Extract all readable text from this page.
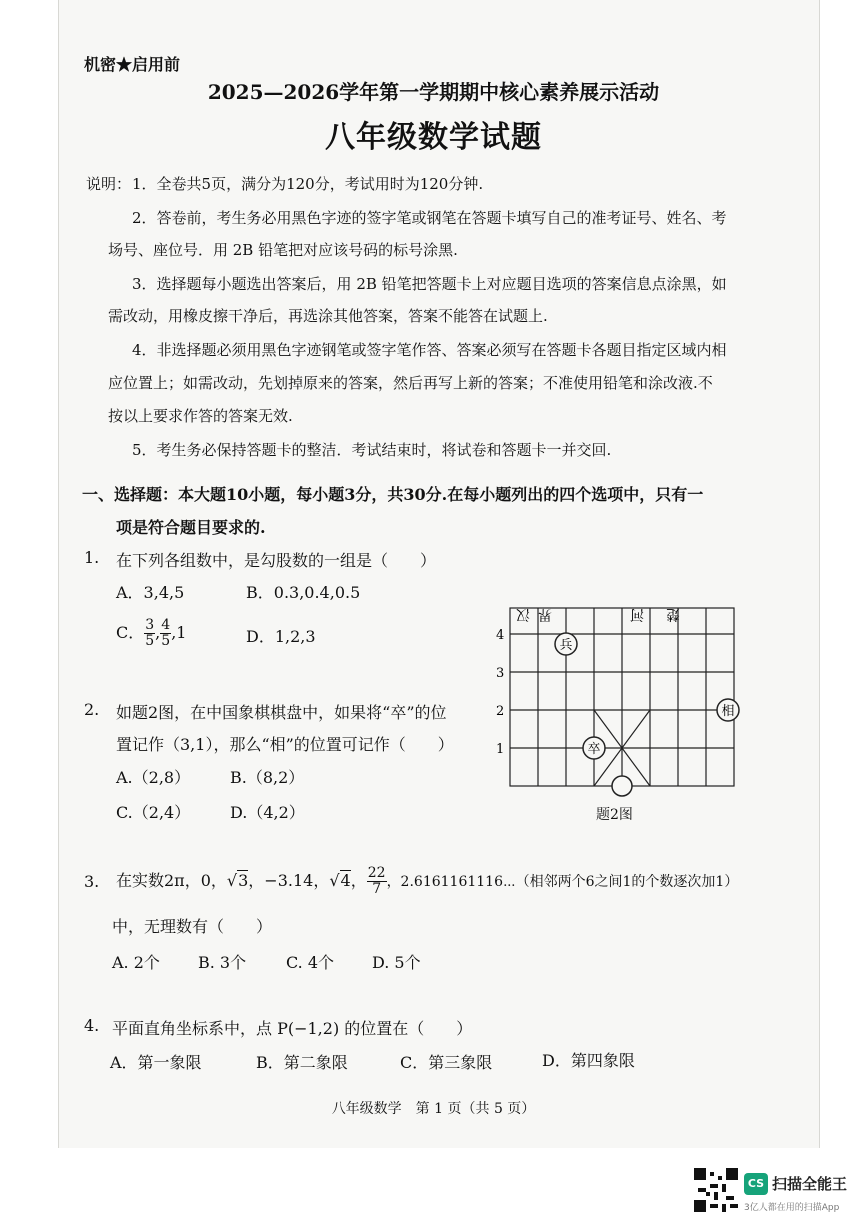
机密★启用前
2025—2026学年第一学期期中核心素养展示活动
八年级数学试题
说明： 1．全卷共5页，满分为120分，考试用时为120分钟.
2．答卷前，考生务必用黑色字迹的签字笔或钢笔在答题卡填写自己的准考证号、姓名、考
场号、座位号．用 2B 铅笔把对应该号码的标号涂黑.
3．选择题每小题选出答案后，用 2B 铅笔把答题卡上对应题目选项的答案信息点涂黑，如
需改动，用橡皮擦干净后，再选涂其他答案，答案不能答在试题上.
4．非选择题必须用黑色字迹钢笔或签字笔作答、答案必须写在答题卡各题目指定区域内相
应位置上；如需改动，先划掉原来的答案，然后再写上新的答案；不准使用铅笔和涂改液.不
按以上要求作答的答案无效.
5．考生务必保持答题卡的整洁．考试结束时，将试卷和答题卡一并交回.
一、选择题：本大题10小题，每小题3分，共30分.在每小题列出的四个选项中，只有一
项是符合题目要求的.
1. 在下列各组数中，是勾股数的一组是（　　）
A．3,4,5	B．0.3,0.4,0.5
C． $\frac{3}{5}$ , $\frac{4}{5} ,1$	D．1,2,3
2. 如题2图，在中国象棋棋盘中，如果将“卒”的位
置记作（3,1），那么“相”的位置可记作（　　）
A.（2,8） B.（8,2）
C.（2,4） D.（4,2）
4
3
2
1
汉 界	河 楚
兵
卒
相
题2图
3. 在实数2π，0，√3，−3.14，√4， $\frac{22}{7}$ ，2.6161161116⋯（相邻两个6之间1的个数逐次加1）
中，无理数有（　　）
A. 2个 B. 3个 C. 4个 D. 5个
4. 平面直角坐标系中，点 P(−1,2) 的位置在（　　）
A．第一象限	B．第二象限	C．第三象限	D．第四象限
八年级数学　第 1 页（共 5 页）
CS 扫描全能王
3亿人都在用的扫描App
